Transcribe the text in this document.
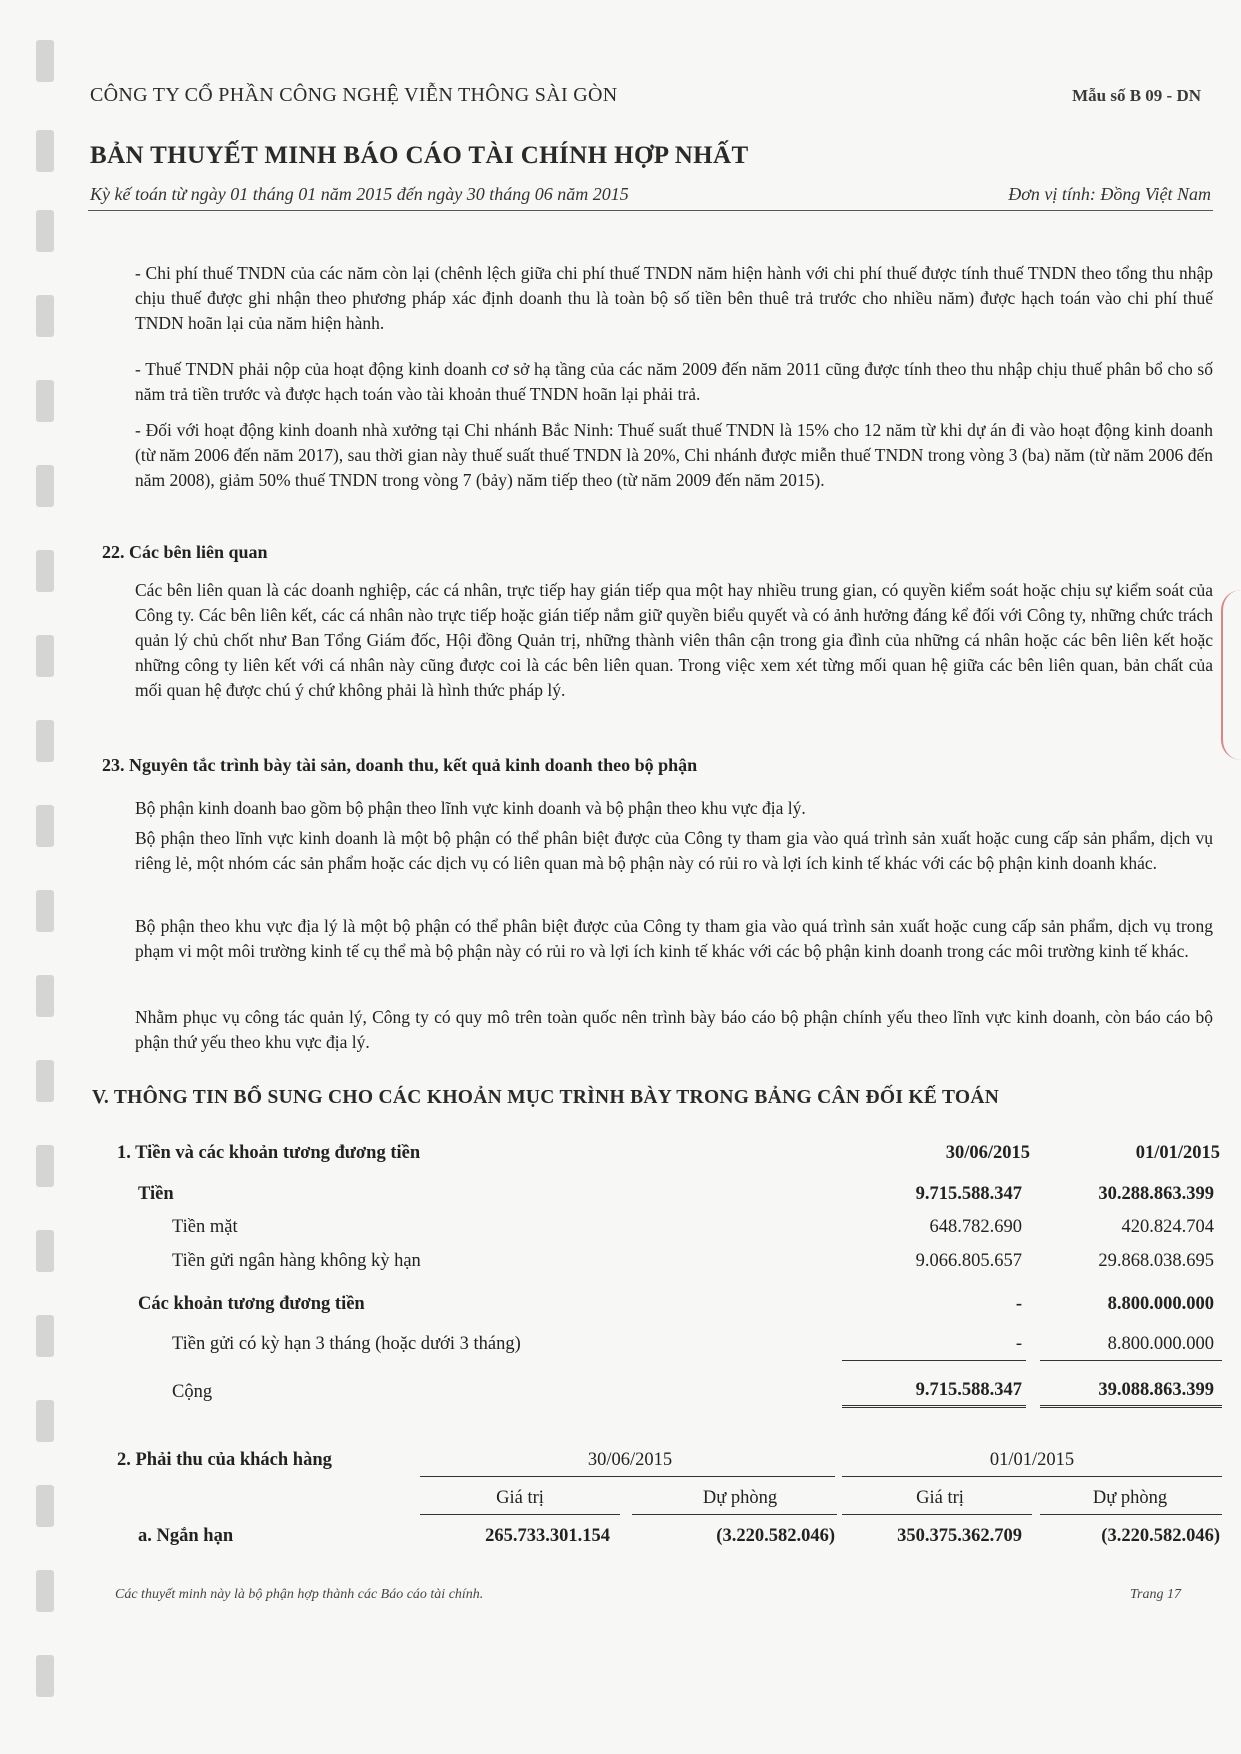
CÔNG TY CỔ PHẦN CÔNG NGHỆ VIỄN THÔNG SÀI GÒN	Mẫu số B 09 - DN
BẢN THUYẾT MINH BÁO CÁO TÀI CHÍNH HỢP NHẤT
Kỳ kế toán từ ngày 01 tháng 01 năm 2015 đến ngày 30 tháng 06 năm 2015	Đơn vị tính: Đồng Việt Nam
- Chi phí thuế TNDN của các năm còn lại (chênh lệch giữa chi phí thuế TNDN năm hiện hành với chi phí thuế được tính thuế TNDN theo tổng thu nhập chịu thuế được ghi nhận theo phương pháp xác định doanh thu là toàn bộ số tiền bên thuê trả trước cho nhiều năm) được hạch toán vào chi phí thuế TNDN hoãn lại của năm hiện hành.
- Thuế TNDN phải nộp của hoạt động kinh doanh cơ sở hạ tầng của các năm 2009 đến năm 2011 cũng được tính theo thu nhập chịu thuế phân bổ cho số năm trả tiền trước và được hạch toán vào tài khoản thuế TNDN hoãn lại phải trả.
- Đối với hoạt động kinh doanh nhà xưởng tại Chi nhánh Bắc Ninh: Thuế suất thuế TNDN là 15% cho 12 năm từ khi dự án đi vào hoạt động kinh doanh (từ năm 2006 đến năm 2017), sau thời gian này thuế suất thuế TNDN là 20%, Chi nhánh được miễn thuế TNDN trong vòng 3 (ba) năm (từ năm 2006 đến năm 2008), giảm 50% thuế TNDN trong vòng 7 (bảy) năm tiếp theo (từ năm 2009 đến năm 2015).
22. Các bên liên quan
Các bên liên quan là các doanh nghiệp, các cá nhân, trực tiếp hay gián tiếp qua một hay nhiều trung gian, có quyền kiểm soát hoặc chịu sự kiểm soát của Công ty. Các bên liên kết, các cá nhân nào trực tiếp hoặc gián tiếp nắm giữ quyền biểu quyết và có ảnh hưởng đáng kể đối với Công ty, những chức trách quản lý chủ chốt như Ban Tổng Giám đốc, Hội đồng Quản trị, những thành viên thân cận trong gia đình của những cá nhân hoặc các bên liên kết hoặc những công ty liên kết với cá nhân này cũng được coi là các bên liên quan. Trong việc xem xét từng mối quan hệ giữa các bên liên quan, bản chất của mối quan hệ được chú ý chứ không phải là hình thức pháp lý.
23. Nguyên tắc trình bày tài sản, doanh thu, kết quả kinh doanh theo bộ phận
Bộ phận kinh doanh bao gồm bộ phận theo lĩnh vực kinh doanh và bộ phận theo khu vực địa lý.
Bộ phận theo lĩnh vực kinh doanh là một bộ phận có thể phân biệt được của Công ty tham gia vào quá trình sản xuất hoặc cung cấp sản phẩm, dịch vụ riêng lẻ, một nhóm các sản phẩm hoặc các dịch vụ có liên quan mà bộ phận này có rủi ro và lợi ích kinh tế khác với các bộ phận kinh doanh khác.
Bộ phận theo khu vực địa lý là một bộ phận có thể phân biệt được của Công ty tham gia vào quá trình sản xuất hoặc cung cấp sản phẩm, dịch vụ trong phạm vi một môi trường kinh tế cụ thể mà bộ phận này có rủi ro và lợi ích kinh tế khác với các bộ phận kinh doanh trong các môi trường kinh tế khác.
Nhằm phục vụ công tác quản lý, Công ty có quy mô trên toàn quốc nên trình bày báo cáo bộ phận chính yếu theo lĩnh vực kinh doanh, còn báo cáo bộ phận thứ yếu theo khu vực địa lý.
V. THÔNG TIN BỔ SUNG CHO CÁC KHOẢN MỤC TRÌNH BÀY TRONG BẢNG CÂN ĐỐI KẾ TOÁN
1. Tiền và các khoản tương đương tiền	30/06/2015	01/01/2015
Tiền	9.715.588.347	30.288.863.399
Tiền mặt	648.782.690	420.824.704
Tiền gửi ngân hàng không kỳ hạn	9.066.805.657	29.868.038.695
Các khoản tương đương tiền	-	8.800.000.000
Tiền gửi có kỳ hạn 3 tháng (hoặc dưới 3 tháng)	-	8.800.000.000
Cộng	9.715.588.347	39.088.863.399
2. Phải thu của khách hàng	30/06/2015	01/01/2015
Giá trị	Dự phòng	Giá trị	Dự phòng
a. Ngắn hạn	265.733.301.154	(3.220.582.046)	350.375.362.709	(3.220.582.046)
Các thuyết minh này là bộ phận hợp thành các Báo cáo tài chính.	Trang 17
